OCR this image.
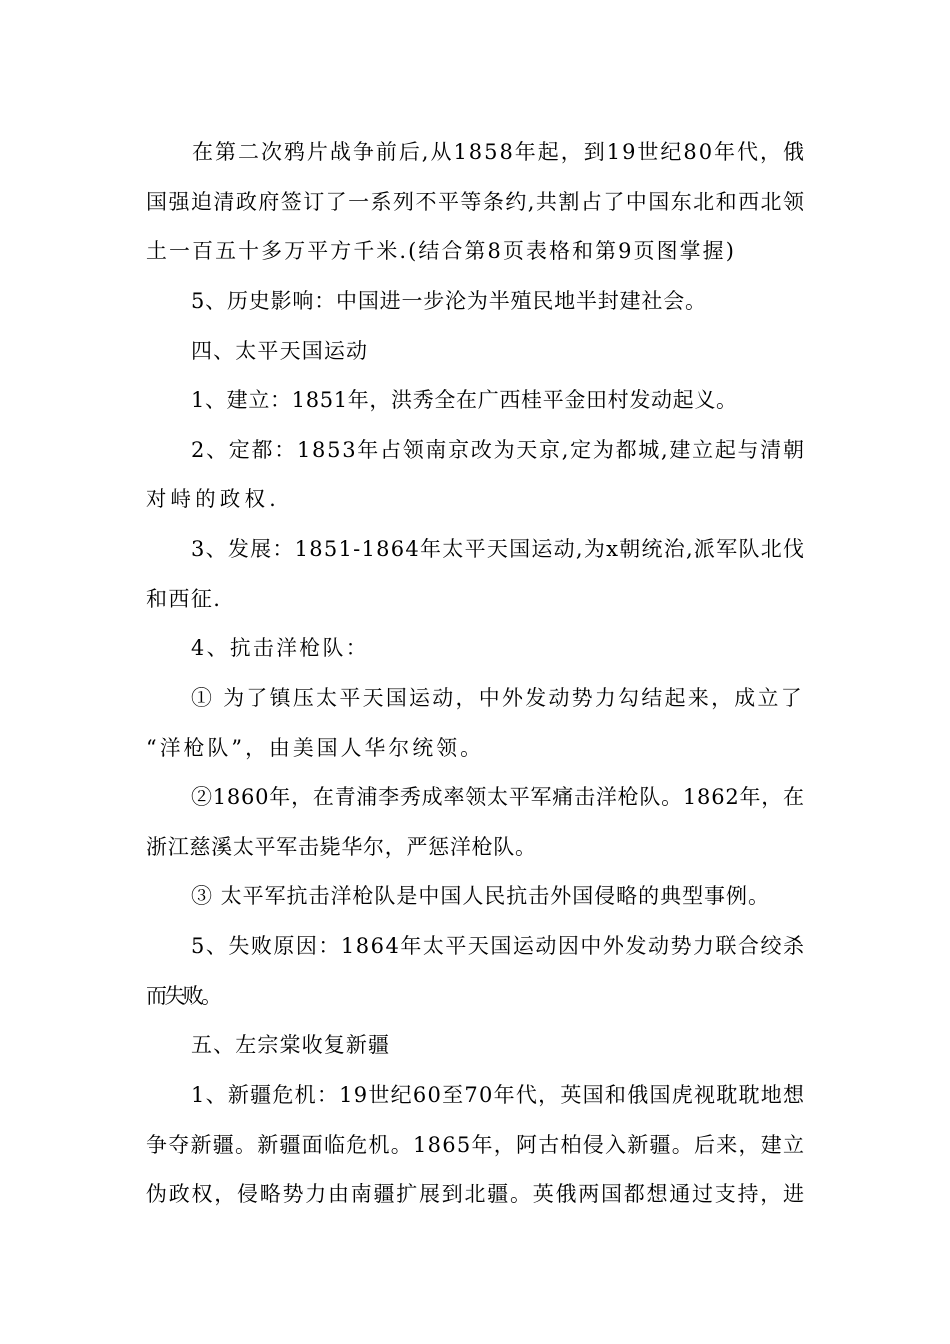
在第二次鸦片战争前后,从1858年起，到19世纪80年代，俄
国强迫清政府签订了一系列不平等条约,共割占了中国东北和西北领
土一百五十多万平方千米.(结合第8页表格和第9页图掌握)
5、历史影响：中国进一步沦为半殖民地半封建社会。
四、太平天国运动
1、建立：1851年，洪秀全在广西桂平金田村发动起义。
2、定都：1853年占领南京改为天京,定为都城,建立起与清朝
对峙的政权.
3、发展：1851-1864年太平天国运动,为x朝统治,派军队北伐
和西征.
4、抗击洋枪队：
① 为了镇压太平天国运动，中外发动势力勾结起来，成立了
“洋枪队”，由美国人华尔统领。
②1860年，在青浦李秀成率领太平军痛击洋枪队。1862年，在
浙江慈溪太平军击毙华尔，严惩洋枪队。
③ 太平军抗击洋枪队是中国人民抗击外国侵略的典型事例。
5、失败原因：1864年太平天国运动因中外发动势力联合绞杀
而失败。
五、左宗棠收复新疆
1、新疆危机：19世纪60至70年代，英国和俄国虎视耽耽地想
争夺新疆。新疆面临危机。1865年，阿古柏侵入新疆。后来，建立
伪政权，侵略势力由南疆扩展到北疆。英俄两国都想通过支持，进
